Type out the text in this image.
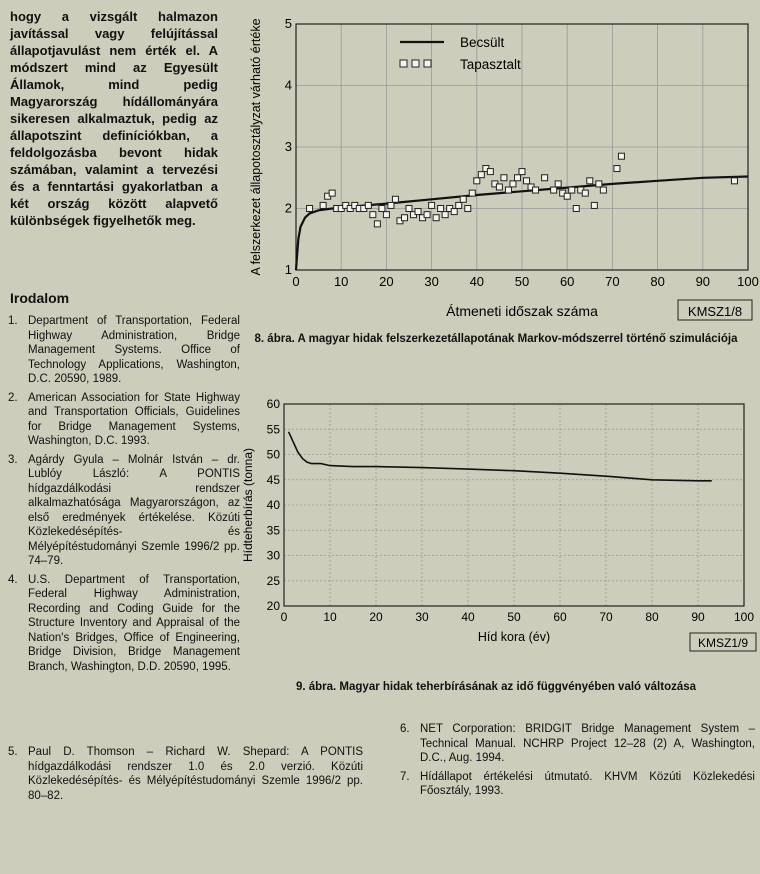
hogy a vizsgált halmazon javítással vagy felújítással állapotjavulást nem érték el. A módszert mind az Egyesült Államok, mind pedig Magyarország hídállományára sikeresen alkalmaztuk, pedig az állapotszint definíciókban, a feldolgozásba bevont hidak számában, valamint a tervezési és a fenntartási gyakorlatban a két ország között alapvető különbségek figyelhetők meg.
Irodalom
1. Department of Transportation, Federal Highway Administration, Bridge Management Systems. Office of Technology Applications, Washington, D.C. 20590, 1989.
2. American Association for State Highway and Transportation Officials, Guidelines for Bridge Management Systems, Washington, D.C. 1993.
3. Agárdy Gyula – Molnár István – dr. Lublóy László: A PONTIS hídgazdálkodási rendszer alkalmazhatósága Magyarországon, az első eredmények értékelése. Közúti Közlekedésépítés- és Mélyépítéstudományi Szemle 1996/2 pp. 74–79.
4. U.S. Department of Transportation, Federal Highway Administration, Recording and Coding Guide for the Structure Inventory and Appraisal of the Nation's Bridges, Office of Engineering, Bridge Division, Bridge Management Branch, Washington, D.D. 20590, 1995.
5. Paul D. Thomson – Richard W. Shepard: A PONTIS hídgazdálkodási rendszer 1.0 és 2.0 verzió. Közúti Közlekedésépítés- és Mélyépítéstudományi Szemle 1996/2 pp. 80–82.
6. NET Corporation: BRIDGIT Bridge Management System – Technical Manual. NCHRP Project 12–28 (2) A, Washington, D.C., Aug. 1994.
7. Hídállapot értékelési útmutató. KHVM Közúti Közlekedési Főosztály, 1993.
0	10 20 30 40 50 60 70 80 90 100
1
2
3
4
5
Becsült
Tapasztalt
A felszerkezet állapotosztályzat várható értéke
Átmeneti időszak száma	KMSZ1/8
8. ábra. A magyar hidak felszerkezetállapotának Markov-módszerrel történő szimulációja
0	10	20	30	40	50	60	70	80	90 100
20
25
30
35
40
45
50
55
60
Hídteherbírás (tonna)
Híd kora (év)	KMSZ1/9
9. ábra. Magyar hidak teherbírásának az idő függvényében való változása
